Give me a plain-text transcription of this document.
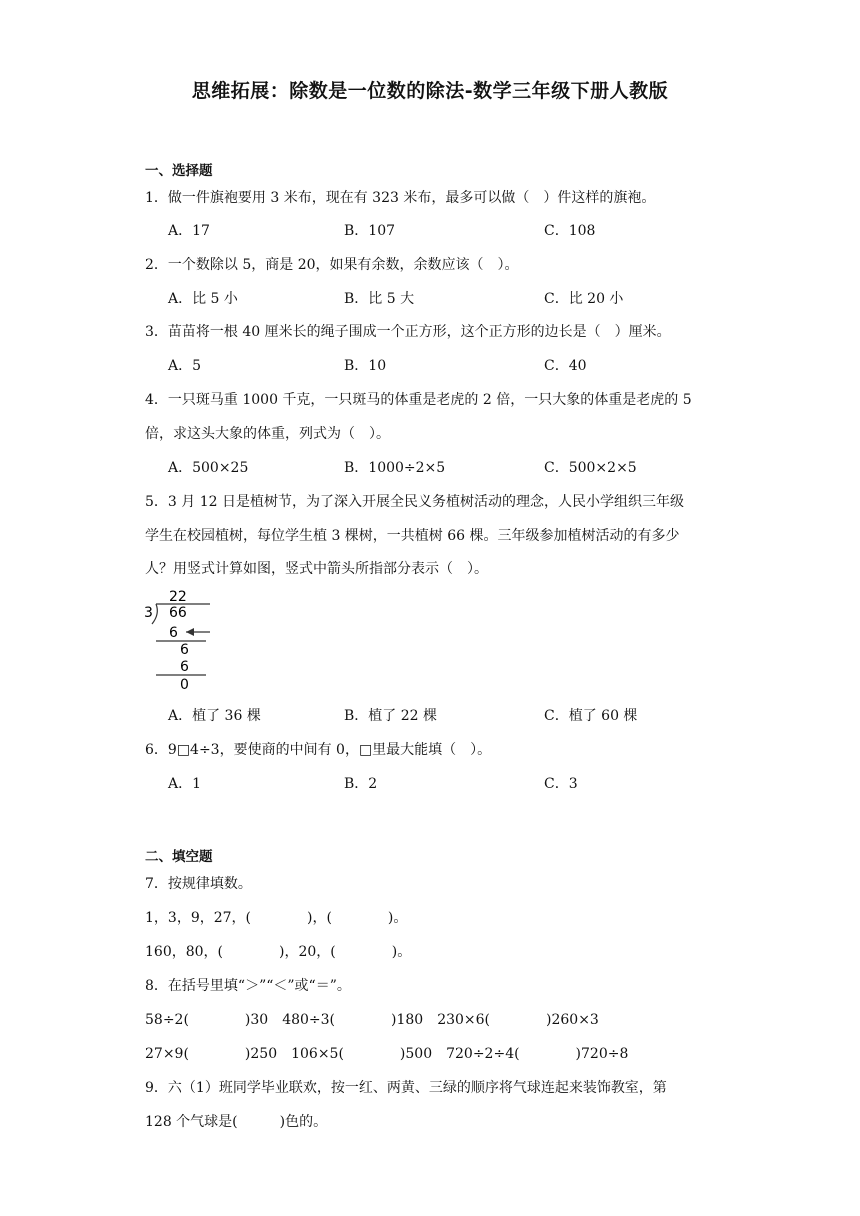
思维拓展：除数是一位数的除法-数学三年级下册人教版
一、选择题
1．做一件旗袍要用 3 米布，现在有 323 米布，最多可以做（　）件这样的旗袍。
A．17	B．107	C．108
2．一个数除以 5，商是 20，如果有余数，余数应该（　）。
A．比 5 小	B．比 5 大	C．比 20 小
3．苗苗将一根 40 厘米长的绳子围成一个正方形，这个正方形的边长是（　）厘米。
A．5	B．10	C．40
4．一只斑马重 1000 千克，一只斑马的体重是老虎的 2 倍，一只大象的体重是老虎的 5
倍，求这头大象的体重，列式为（　）。
A．500×25	B．1000÷2×5	C．500×2×5
5．3 月 12 日是植树节，为了深入开展全民义务植树活动的理念，人民小学组织三年级
学生在校园植树，每位学生植 3 棵树，一共植树 66 棵。三年级参加植树活动的有多少
人？用竖式计算如图，竖式中箭头所指部分表示（　）。
22
3 66
6
6
6
0
A．植了 36 棵	B．植了 22 棵	C．植了 60 棵
6．9□4÷3，要使商的中间有 0，□里最大能填（　）。
A．1	B．2	C．3
二、填空题
7．按规律填数。
1，3，9，27，(　　　　)，(　　　　)。
160，80，(　　　　)，20，(　　　　)。
8．在括号里填“＞”“＜”或“＝”。
58÷2(　　　　)30　480÷3(　　　　)180　230×6(　　　　)260×3
27×9(　　　　)250　106×5(　　　　)500　720÷2÷4(　　　　)720÷8
9．六（1）班同学毕业联欢，按一红、两黄、三绿的顺序将气球连起来装饰教室，第
128 个气球是(　　　)色的。
